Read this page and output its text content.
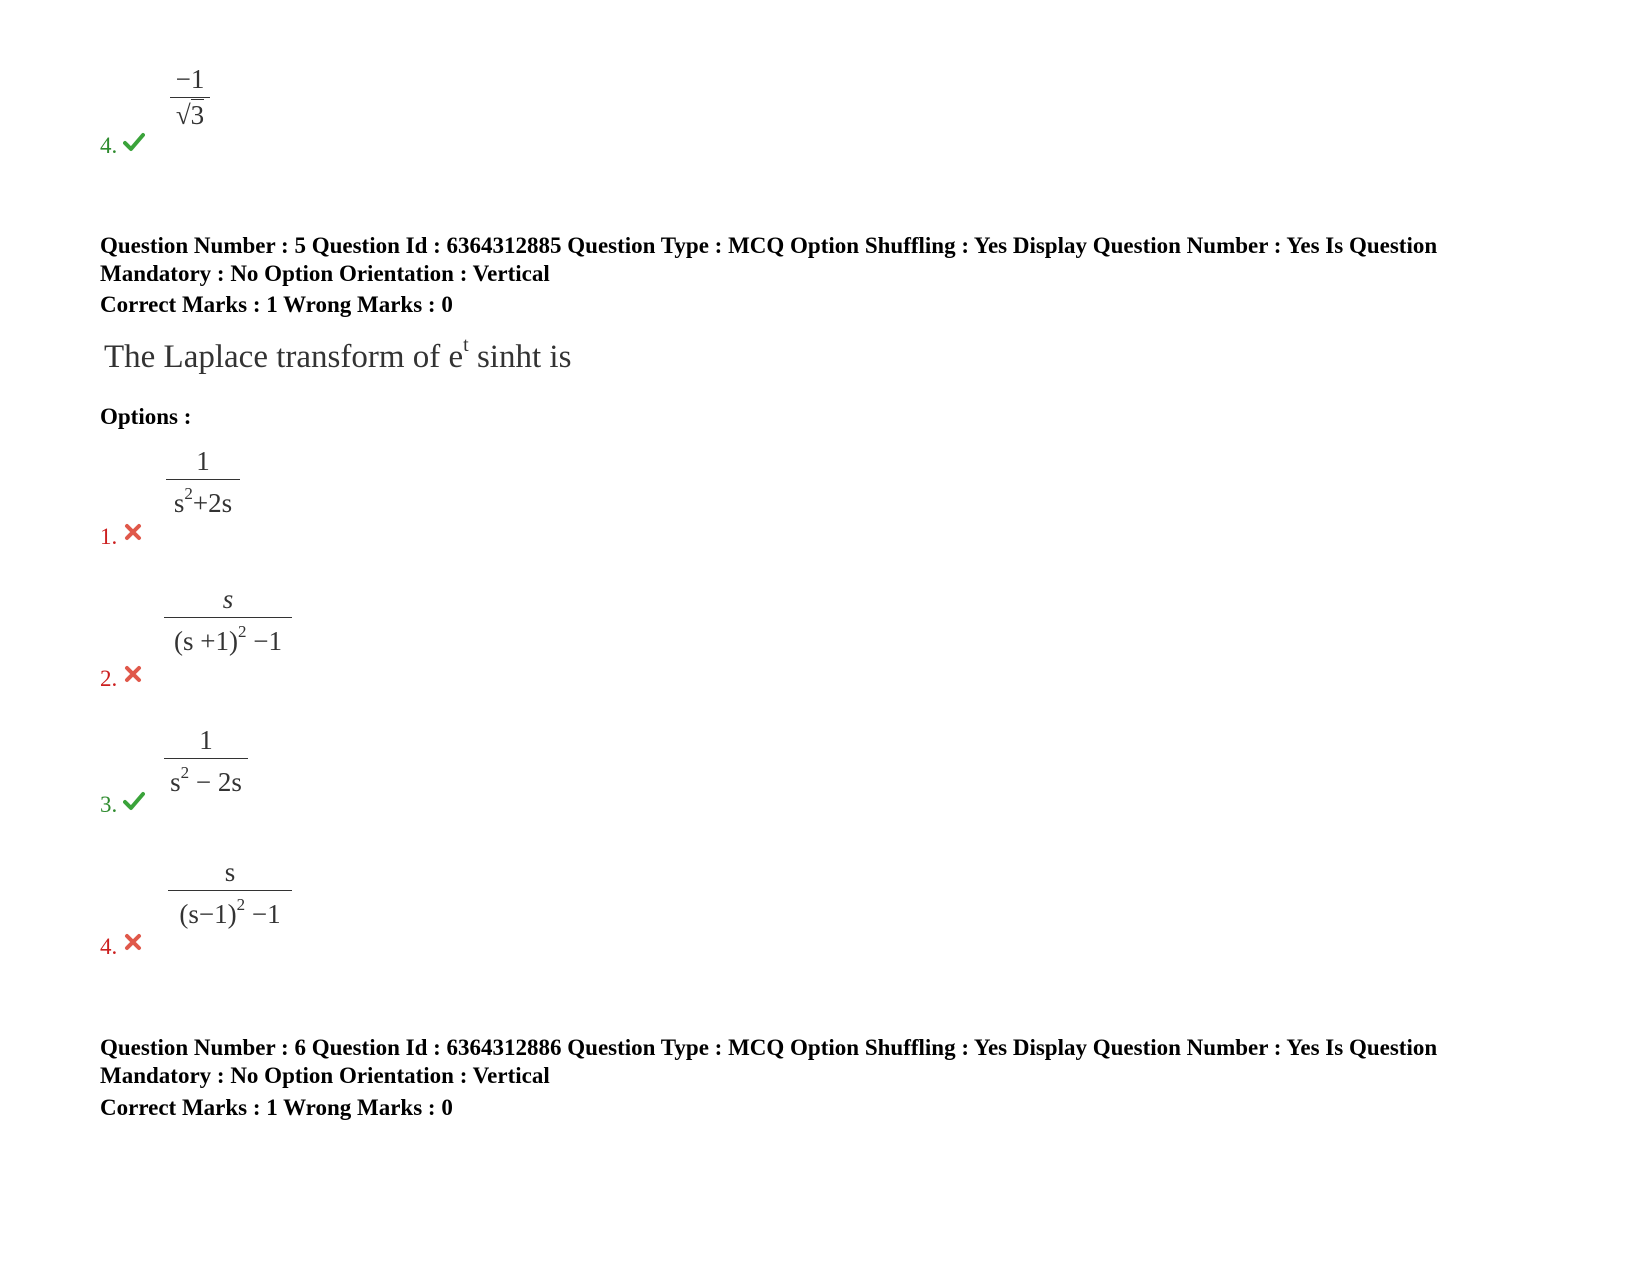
−1
√3
4.
Question Number : 5 Question Id : 6364312885 Question Type : MCQ Option Shuffling : Yes Display Question Number : Yes Is Question
Mandatory : No Option Orientation : Vertical
Correct Marks : 1 Wrong Marks : 0
The Laplace transform of $e^t$ sinht is
Options :
1
$s^2+2s$
1.
s
$(s +1)^2 -1$
2.
1
$s^2 - 2s$
3.
s
$(s-1)^2 -1$
4.
Question Number : 6 Question Id : 6364312886 Question Type : MCQ Option Shuffling : Yes Display Question Number : Yes Is Question
Mandatory : No Option Orientation : Vertical
Correct Marks : 1 Wrong Marks : 0
